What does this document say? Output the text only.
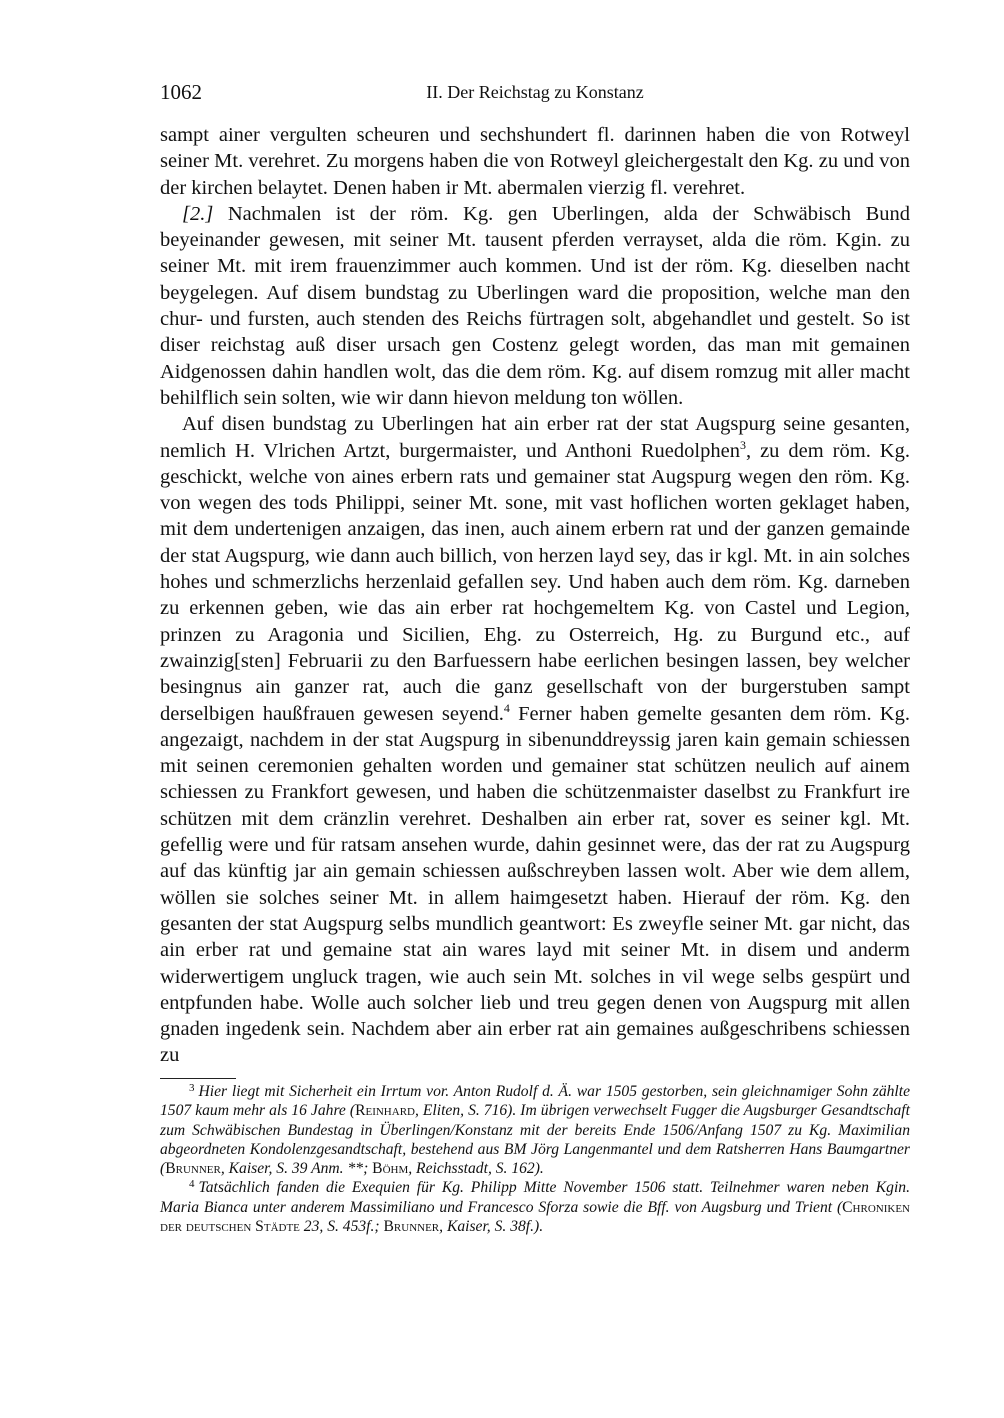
1062	II. Der Reichstag zu Konstanz

sampt ainer vergulten scheuren und sechshundert fl. darinnen haben die von Rotweyl seiner Mt. verehret. Zu morgens haben die von Rotweyl gleichergestalt den Kg. zu und von der kirchen belaytet. Denen haben ir Mt. abermalen vierzig fl. verehret.

[2.] Nachmalen ist der röm. Kg. gen Uberlingen, alda der Schwäbisch Bund beyeinander gewesen, mit seiner Mt. tausent pferden verrayset, alda die röm. Kgin. zu seiner Mt. mit irem frauenzimmer auch kommen. Und ist der röm. Kg. dieselben nacht beygelegen. Auf disem bundstag zu Uberlingen ward die proposition, welche man den chur- und fursten, auch stenden des Reichs fürtragen solt, abgehandlet und gestelt. So ist diser reichstag auß diser ursach gen Costenz gelegt worden, das man mit gemainen Aidgenossen dahin handlen wolt, das die dem röm. Kg. auf disem romzug mit aller macht behilflich sein solten, wie wir dann hievon meldung ton wöllen.

Auf disen bundstag zu Uberlingen hat ain erber rat der stat Augspurg seine gesanten, nemlich H. Vlrichen Artzt, burgermaister, und Anthoni Ruedolphen$^3$, zu dem röm. Kg. geschickt, welche von aines erbern rats und gemainer stat Augspurg wegen den röm. Kg. von wegen des tods Philippi, seiner Mt. sone, mit vast hoflichen worten geklaget haben, mit dem undertenigen anzaigen, das inen, auch ainem erbern rat und der ganzen gemainde der stat Augspurg, wie dann auch billich, von herzen layd sey, das ir kgl. Mt. in ain solches hohes und schmerzlichs herzenlaid gefallen sey. Und haben auch dem röm. Kg. darneben zu erkennen geben, wie das ain erber rat hochgemeltem Kg. von Castel und Legion, prinzen zu Aragonia und Sicilien, Ehg. zu Osterreich, Hg. zu Burgund etc., auf zwainzig[sten] Februarii zu den Barfuessern habe eerlichen besingen lassen, bey welcher besingnus ain ganzer rat, auch die ganz gesellschaft von der burgerstuben sampt derselbigen haußfrauen gewesen seyend.$^4$ Ferner haben gemelte gesanten dem röm. Kg. angezaigt, nachdem in der stat Augspurg in sibenunddreyssig jaren kain gemain schiessen mit seinen ceremonien gehalten worden und gemainer stat schützen neulich auf ainem schiessen zu Frankfort gewesen, und haben die schützenmaister daselbst zu Frankfurt ire schützen mit dem cränzlin verehret. Deshalben ain erber rat, sover es seiner kgl. Mt. gefellig were und für ratsam ansehen wurde, dahin gesinnet were, das der rat zu Augspurg auf das künftig jar ain gemain schiessen außschreyben lassen wolt. Aber wie dem allem, wöllen sie solches seiner Mt. in allem haimgesetzt haben. Hierauf der röm. Kg. den gesanten der stat Augspurg selbs mundlich geantwort: Es zweyfle seiner Mt. gar nicht, das ain erber rat und gemaine stat ain wares layd mit seiner Mt. in disem und anderm widerwertigem ungluck tragen, wie auch sein Mt. solches in vil wege selbs gespürt und entpfunden habe. Wolle auch solcher lieb und treu gegen denen von Augspurg mit allen gnaden ingedenk sein. Nachdem aber ain erber rat ain gemaines außgeschribens schiessen zu

$^3$ Hier liegt mit Sicherheit ein Irrtum vor. Anton Rudolf d. Ä. war 1505 gestorben, sein gleichnamiger Sohn zählte 1507 kaum mehr als 16 Jahre (Reinhard, Eliten, S. 716). Im übrigen verwechselt Fugger die Augsburger Gesandtschaft zum Schwäbischen Bundestag in Überlingen/Konstanz mit der bereits Ende 1506/Anfang 1507 zu Kg. Maximilian abgeordneten Kondolenzgesandtschaft, bestehend aus BM Jörg Langenmantel und dem Ratsherren Hans Baumgartner (Brunner, Kaiser, S. 39 Anm. **; Böhm, Reichsstadt, S. 162).

$^4$ Tatsächlich fanden die Exequien für Kg. Philipp Mitte November 1506 statt. Teilnehmer waren neben Kgin. Maria Bianca unter anderem Massimiliano und Francesco Sforza sowie die Bff. von Augsburg und Trient (Chroniken der deutschen Städte 23, S. 453f.; Brunner, Kaiser, S. 38f.).
